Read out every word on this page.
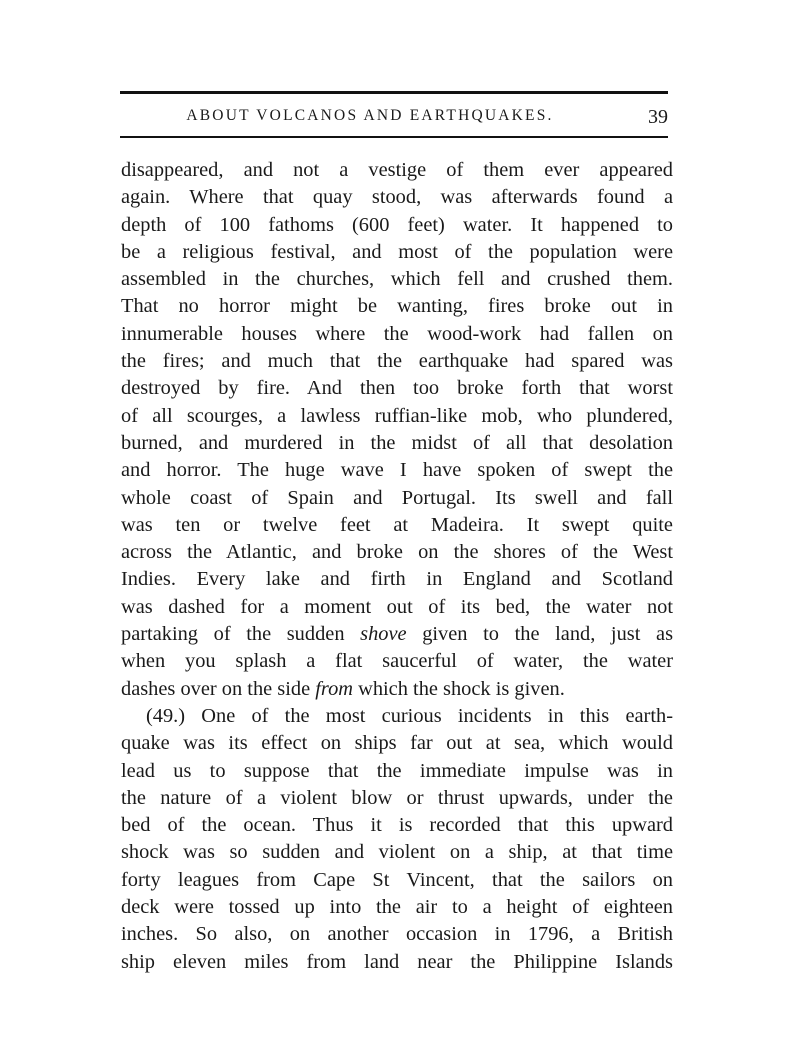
ABOUT VOLCANOS AND EARTHQUAKES.	39
disappeared, and not a vestige of them ever appeared
again. Where that quay stood, was afterwards found a
depth of 100 fathoms (600 feet) water. It happened to
be a religious festival, and most of the population were
assembled in the churches, which fell and crushed them.
That no horror might be wanting, fires broke out in
innumerable houses where the wood-work had fallen on
the fires; and much that the earthquake had spared was
destroyed by fire. And then too broke forth that worst
of all scourges, a lawless ruffian-like mob, who plundered,
burned, and murdered in the midst of all that desolation
and horror. The huge wave I have spoken of swept the
whole coast of Spain and Portugal. Its swell and fall
was ten or twelve feet at Madeira. It swept quite
across the Atlantic, and broke on the shores of the West
Indies. Every lake and firth in England and Scotland
was dashed for a moment out of its bed, the water not
partaking of the sudden shove given to the land, just as
when you splash a flat saucerful of water, the water
dashes over on the side from which the shock is given.
(49.) One of the most curious incidents in this earth-
quake was its effect on ships far out at sea, which would
lead us to suppose that the immediate impulse was in
the nature of a violent blow or thrust upwards, under the
bed of the ocean. Thus it is recorded that this upward
shock was so sudden and violent on a ship, at that time
forty leagues from Cape St Vincent, that the sailors on
deck were tossed up into the air to a height of eighteen
inches. So also, on another occasion in 1796, a British
ship eleven miles from land near the Philippine Islands
